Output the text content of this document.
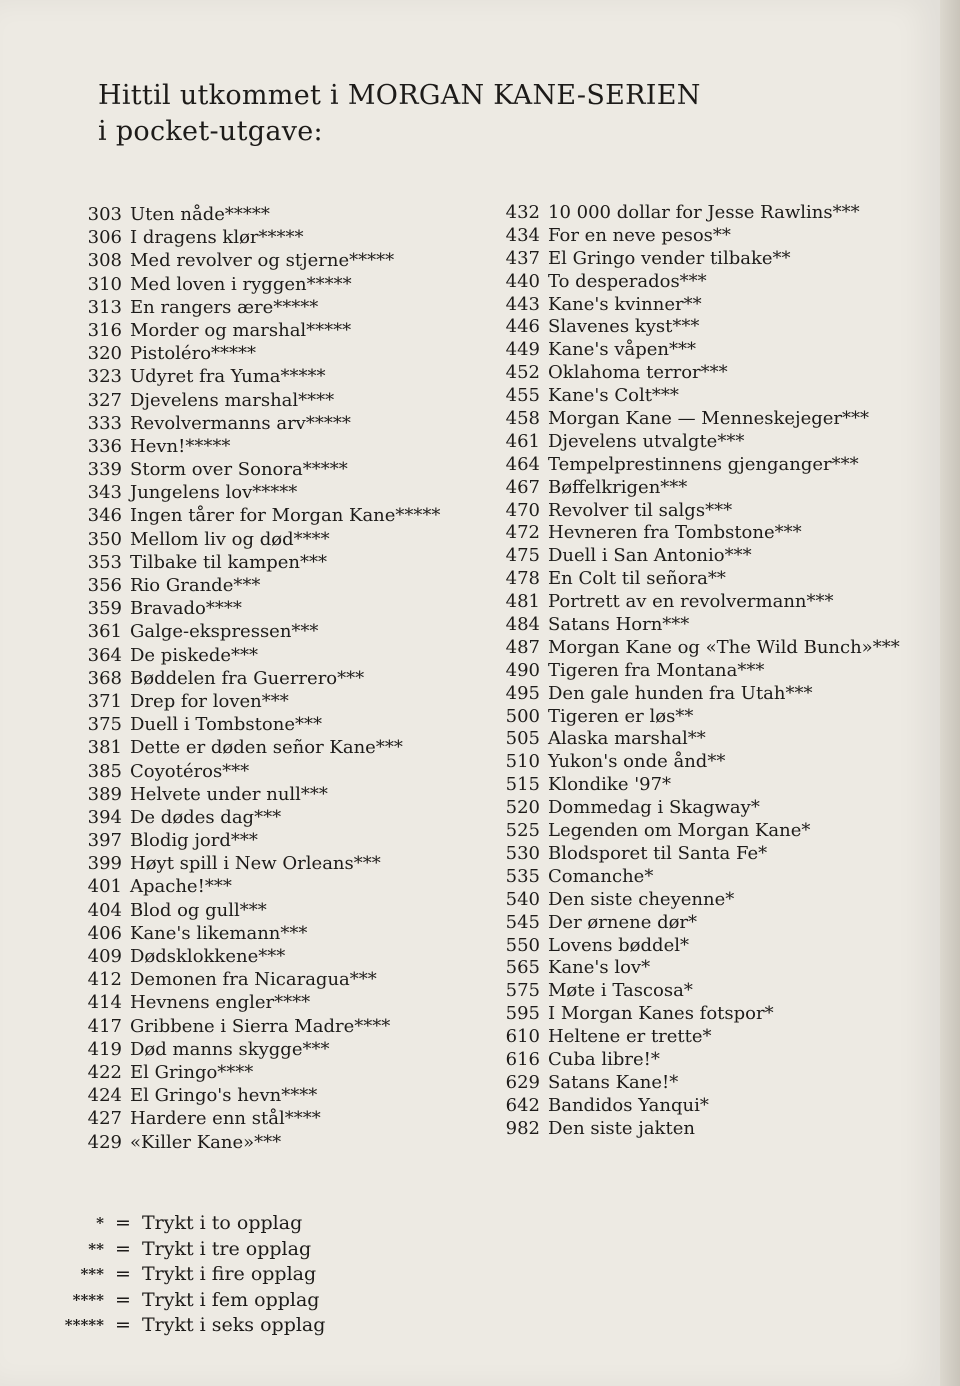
Hittil utkommet i MORGAN KANE-SERIEN
i pocket-utgave:
303 Uten nåde*****
306 I dragens klør*****
308 Med revolver og stjerne*****
310 Med loven i ryggen*****
313 En rangers ære*****
316 Morder og marshal*****
320 Pistoléro*****
323 Udyret fra Yuma*****
327 Djevelens marshal****
333 Revolvermanns arv*****
336 Hevn!*****
339 Storm over Sonora*****
343 Jungelens lov*****
346 Ingen tårer for Morgan Kane*****
350 Mellom liv og død****
353 Tilbake til kampen***
356 Rio Grande***
359 Bravado****
361 Galge-ekspressen***
364 De piskede***
368 Bøddelen fra Guerrero***
371 Drep for loven***
375 Duell i Tombstone***
381 Dette er døden señor Kane***
385 Coyotéros***
389 Helvete under null***
394 De dødes dag***
397 Blodig jord***
399 Høyt spill i New Orleans***
401 Apache!***
404 Blod og gull***
406 Kane's likemann***
409 Dødsklokkene***
412 Demonen fra Nicaragua***
414 Hevnens engler****
417 Gribbene i Sierra Madre****
419 Død manns skygge***
422 El Gringo****
424 El Gringo's hevn****
427 Hardere enn stål****
429 «Killer Kane»***
432 10 000 dollar for Jesse Rawlins***
434 For en neve pesos**
437 El Gringo vender tilbake**
440 To desperados***
443 Kane's kvinner**
446 Slavenes kyst***
449 Kane's våpen***
452 Oklahoma terror***
455 Kane's Colt***
458 Morgan Kane — Menneskejeger***
461 Djevelens utvalgte***
464 Tempelprestinnens gjenganger***
467 Bøffelkrigen***
470 Revolver til salgs***
472 Hevneren fra Tombstone***
475 Duell i San Antonio***
478 En Colt til señora**
481 Portrett av en revolvermann***
484 Satans Horn***
487 Morgan Kane og «The Wild Bunch»***
490 Tigeren fra Montana***
495 Den gale hunden fra Utah***
500 Tigeren er løs**
505 Alaska marshal**
510 Yukon's onde ånd**
515 Klondike '97*
520 Dommedag i Skagway*
525 Legenden om Morgan Kane*
530 Blodsporet til Santa Fe*
535 Comanche*
540 Den siste cheyenne*
545 Der ørnene dør*
550 Lovens bøddel*
565 Kane's lov*
575 Møte i Tascosa*
595 I Morgan Kanes fotspor*
610 Heltene er trette*
616 Cuba libre!*
629 Satans Kane!*
642 Bandidos Yanqui*
982 Den siste jakten
* = Trykt i to opplag
** = Trykt i tre opplag
*** = Trykt i fire opplag
**** = Trykt i fem opplag
***** = Trykt i seks opplag
